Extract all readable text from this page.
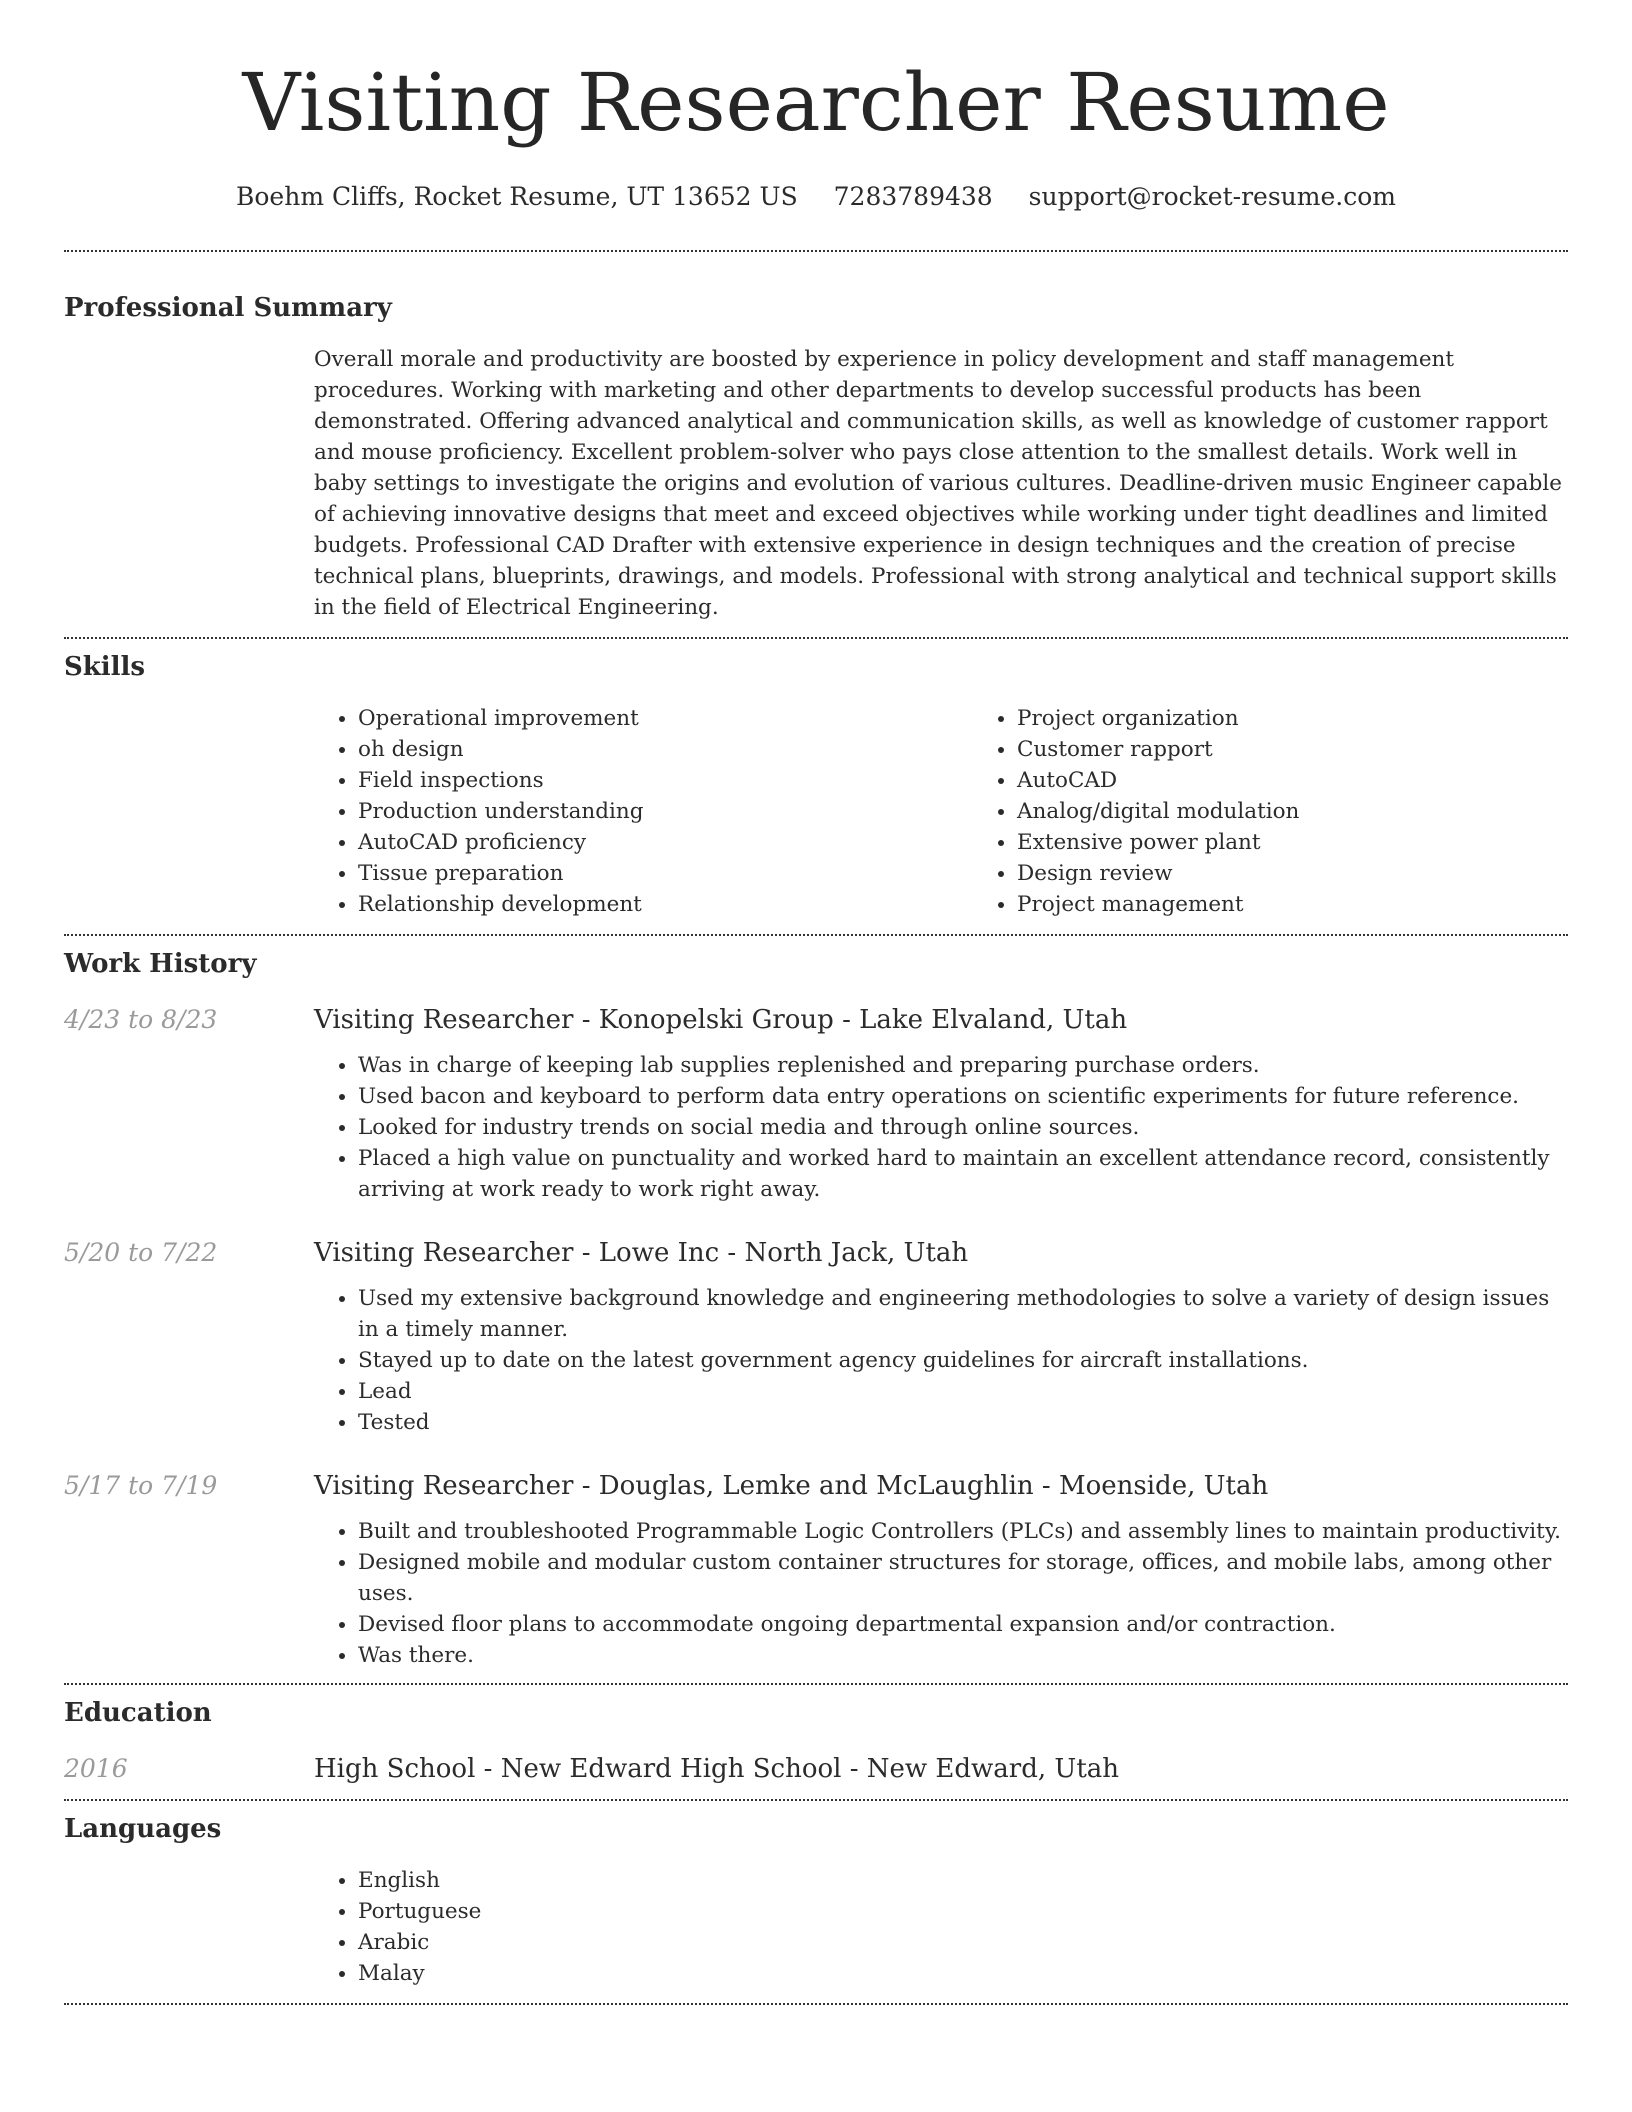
Visiting Researcher Resume
Boehm Cliffs, Rocket Resume, UT 13652 US 7283789438 support@rocket-resume.com
Professional Summary

Overall morale and productivity are boosted by experience in policy development and staff management procedures. Working with marketing and other departments to develop successful products has been demonstrated. Offering advanced analytical and communication skills, as well as knowledge of customer rapport and mouse proficiency. Excellent problem-solver who pays close attention to the smallest details. Work well in baby settings to investigate the origins and evolution of various cultures. Deadline-driven music Engineer capable of achieving innovative designs that meet and exceed objectives while working under tight deadlines and limited budgets. Professional CAD Drafter with extensive experience in design techniques and the creation of precise technical plans, blueprints, drawings, and models. Professional with strong analytical and technical support skills in the field of Electrical Engineering.

Skills
• Operational improvement
• oh design
• Field inspections
• Production understanding
• AutoCAD proficiency
• Tissue preparation
• Relationship development
• Project organization
• Customer rapport
• AutoCAD
• Analog/digital modulation
• Extensive power plant
• Design review
• Project management
Work History
4/23 to 8/23	Visiting Researcher - Konopelski Group - Lake Elvaland, Utah
• Was in charge of keeping lab supplies replenished and preparing purchase orders.
• Used bacon and keyboard to perform data entry operations on scientific experiments for future reference.
• Looked for industry trends on social media and through online sources.
• Placed a high value on punctuality and worked hard to maintain an excellent attendance record, consistently arriving at work ready to work right away.
5/20 to 7/22	Visiting Researcher - Lowe Inc - North Jack, Utah
• Used my extensive background knowledge and engineering methodologies to solve a variety of design issues in a timely manner.
• Stayed up to date on the latest government agency guidelines for aircraft installations.
• Lead
• Tested
5/17 to 7/19	Visiting Researcher - Douglas, Lemke and McLaughlin - Moenside, Utah
• Built and troubleshooted Programmable Logic Controllers (PLCs) and assembly lines to maintain productivity.
• Designed mobile and modular custom container structures for storage, offices, and mobile labs, among other uses.
• Devised floor plans to accommodate ongoing departmental expansion and/or contraction.
• Was there.
Education
2016	High School - New Edward High School - New Edward, Utah
Languages
• English
• Portuguese
• Arabic
• Malay
